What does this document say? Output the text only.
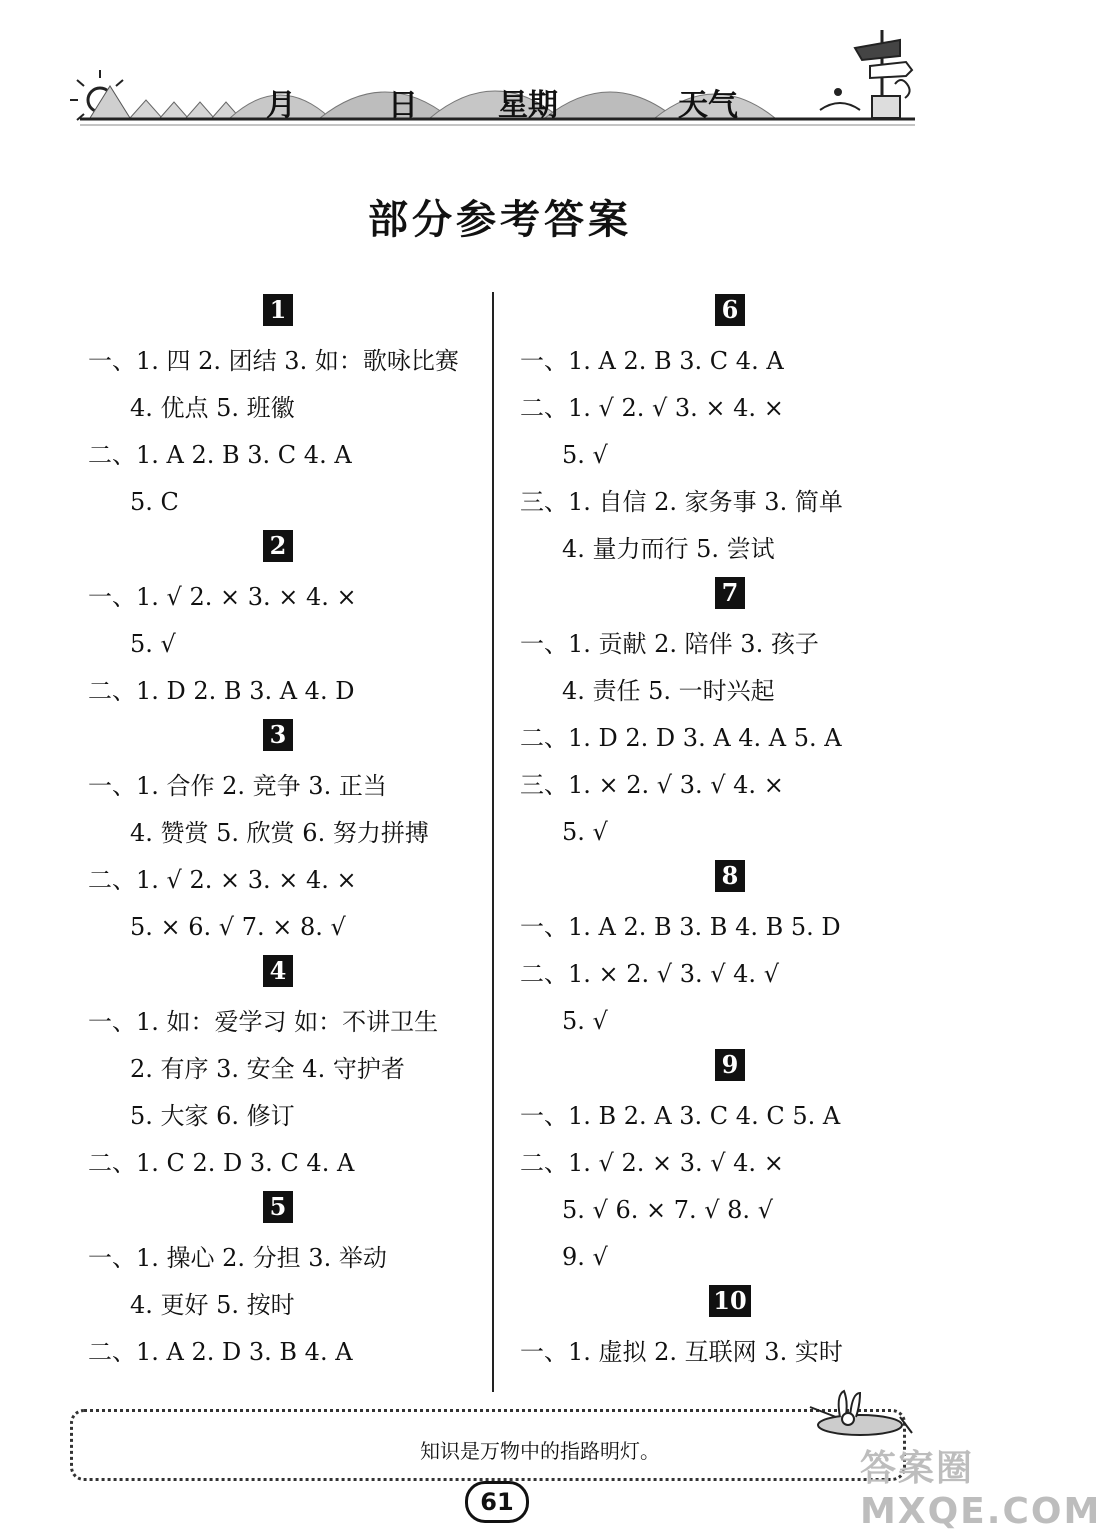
月	日	星期	天气
部分参考答案
1
一、1. 四 2. 团结 3. 如：歌咏比赛
4. 优点 5. 班徽
二、1. A 2. B 3. C 4. A
5. C
2
一、1. √ 2. × 3. × 4. ×
5. √
二、1. D 2. B 3. A 4. D
3
一、1. 合作 2. 竞争 3. 正当
4. 赞赏 5. 欣赏 6. 努力拼搏
二、1. √ 2. × 3. × 4. ×
5. × 6. √ 7. × 8. √
4
一、1. 如：爱学习 如：不讲卫生
2. 有序 3. 安全 4. 守护者
5. 大家 6. 修订
二、1. C 2. D 3. C 4. A
5
一、1. 操心 2. 分担 3. 举动
4. 更好 5. 按时
二、1. A 2. D 3. B 4. A
6
一、1. A 2. B 3. C 4. A
二、1. √ 2. √ 3. × 4. ×
5. √
三、1. 自信 2. 家务事 3. 简单
4. 量力而行 5. 尝试
7
一、1. 贡献 2. 陪伴 3. 孩子
4. 责任 5. 一时兴起
二、1. D 2. D 3. A 4. A 5. A
三、1. × 2. √ 3. √ 4. ×
5. √
8
一、1. A 2. B 3. B 4. B 5. D
二、1. × 2. √ 3. √ 4. √
5. √
9
一、1. B 2. A 3. C 4. C 5. A
二、1. √ 2. × 3. √ 4. ×
5. √ 6. × 7. √ 8. √
9. √
10
一、1. 虚拟 2. 互联网 3. 实时
知识是万物中的指路明灯。
61
答案圈 MXQE.COM
